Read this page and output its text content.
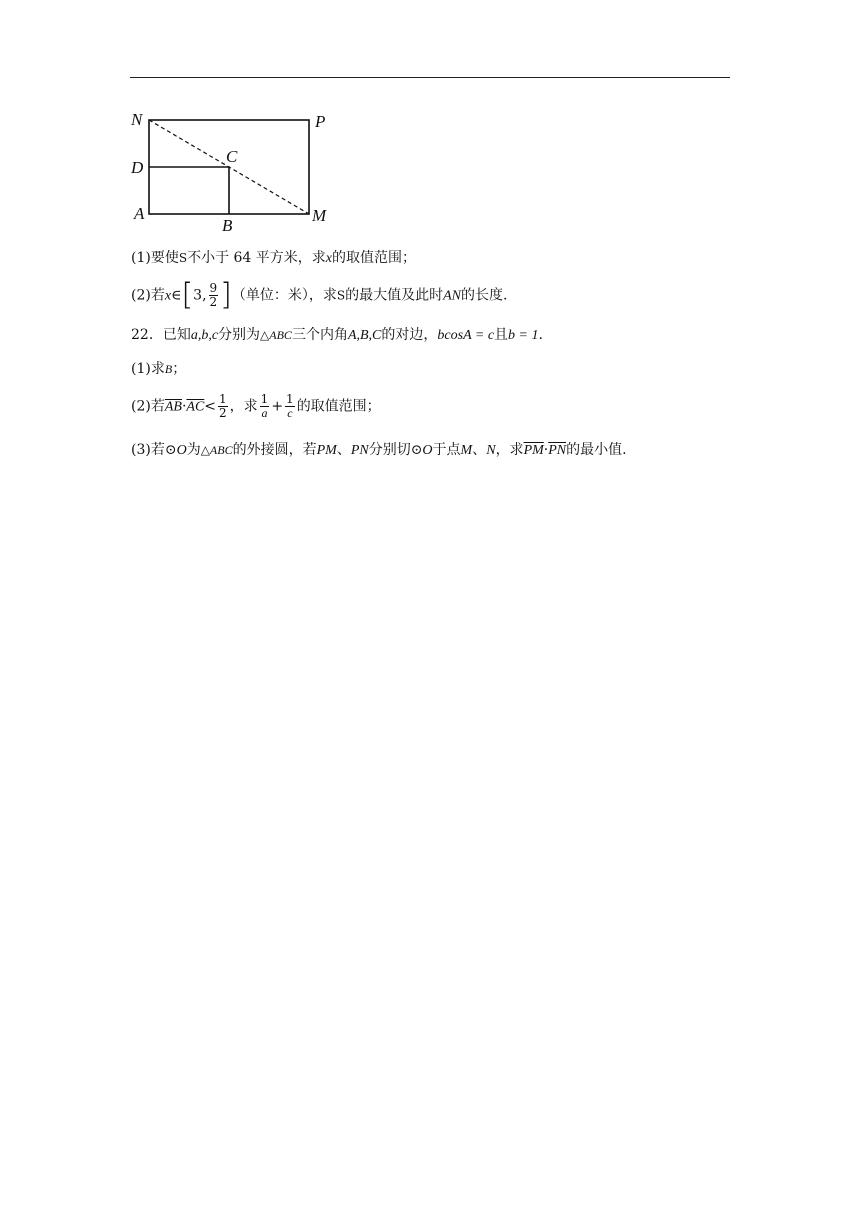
N	P
D
C
A
B
M
(1)要使S不小于 64 平方米，求x的取值范围；
(2)若x∈[3, $\frac{9}{2}$ ]（单位：米），求S的最大值及此时AN的长度.
22．已知a,b,c分别为△ABC三个内角A,B,C的对边，bcosA = c且b = 1.
(1)求B；
(2)若$\overline{AB}\cdot\overline{AC}< \frac{1}{2}$ ，求 $\frac{1}{a} + \frac{1}{c}$ 的取值范围；
(3)若⊙O为△ABC的外接圆，若PM、PN分别切⊙O于点M、N，求$\overline{PM}\cdot\overline{PN}$的最小值.
